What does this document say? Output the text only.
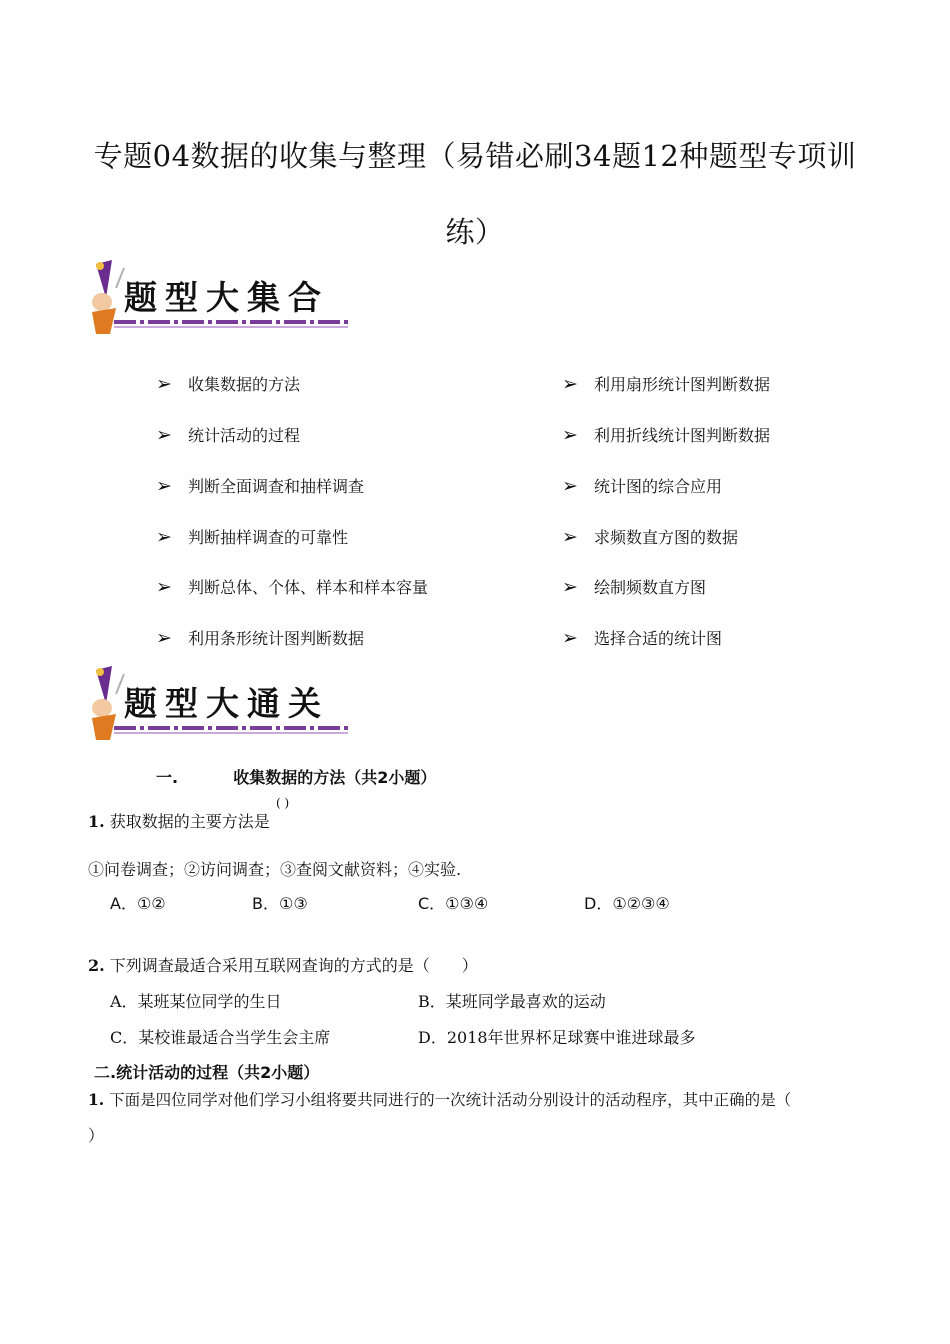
专题04数据的收集与整理（易错必刷34题12种题型专项训
练）
题型大集合
➢ 收集数据的方法
➢ 统计活动的过程
➢ 判断全面调查和抽样调查
➢ 判断抽样调查的可靠性
➢ 判断总体、个体、样本和样本容量
➢ 利用条形统计图判断数据
➢ 利用扇形统计图判断数据
➢ 利用折线统计图判断数据
➢ 统计图的综合应用
➢ 求频数直方图的数据
➢ 绘制频数直方图
➢ 选择合适的统计图
题型大通关
一.	收集数据的方法（共2小题）
1. 获取数据的主要方法是
( )
①问卷调查；②访问调查；③查阅文献资料；④实验.
A．①②	B．①③	C．①③④	D．①②③④
2. 下列调查最适合采用互联网查询的方式的是（　　）
A．某班某位同学的生日	B．某班同学最喜欢的运动
C．某校谁最适合当学生会主席	D．2018年世界杯足球赛中谁进球最多
二.统计活动的过程（共2小题）
1. 下面是四位同学对他们学习小组将要共同进行的一次统计活动分别设计的活动程序，其中正确的是（
）
